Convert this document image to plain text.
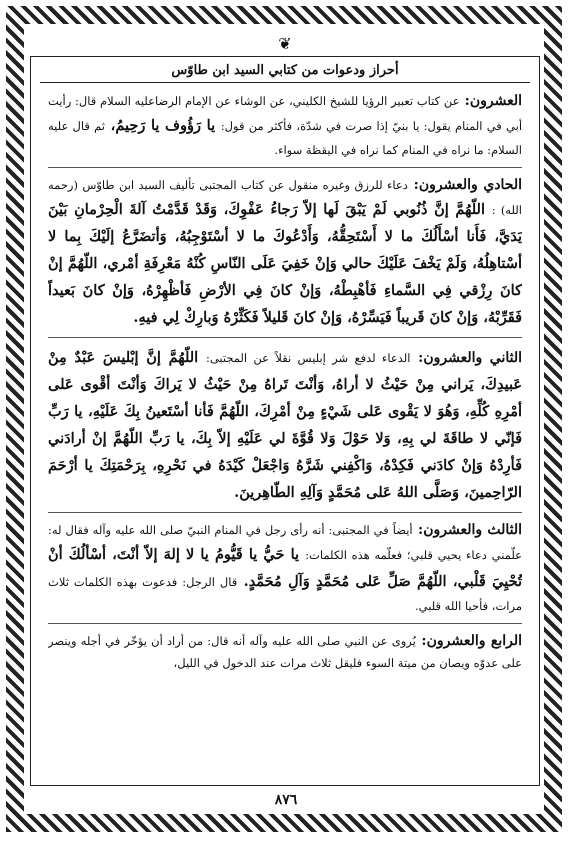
❦
أحراز ودعوات من كتابي السيد ابن طاوّس
العشرون: عن كتاب تعبير الرؤيا للشيخ الكليني، عن الوشاء عن الإمام الرضاعليه السلام قال: رأيت أبي في المنام يقول: يا بنيّ إذا صرت في شدّة، فأكثر من قول: يا رَؤُوف يا رَحِيمُ، ثم قال عليه السلام: ما نراه في المنام كما نراه في اليقظة سواء.
الحادي والعشرون: دعاء للرزق وغيره منقول عن كتاب المجتبى تأليف السيد ابن طاوّس (رحمه الله) : اللّهُمَّ إنَّ ذُنُوبي لَمْ يَبْقَ لَها إلاّ رَجاءُ عَفْوِكَ، وَقَدْ قَدَّمْتُ آلةَ الْحِرْمانِ بَيْنَ يَدَيَّ، فَأَنا أسْأَلُكَ ما لا أَسْتَحِقُّهُ، وَأَدْعُوكَ ما لا أسْتَوْجِبُهُ، وَأتضَرَّعُ إلَيْكَ بِما لا أسْتاهِلُهُ، وَلَمْ يَخْفَ عَلَيْكَ حالي وَإنْ خَفِيَ عَلَى النّاسِ كُنْهُ مَعْرِفَةِ أمْري، اللّهُمَّ إنْ كانَ رِزْقي فِي السَّماءِ فَأهْبِطْهُ، وَإنْ كانَ فِي الأرْضِ فَأظْهِرْهُ، وَإنْ كانَ بَعيداً فَقَرِّبْهُ، وَإنْ كانَ قَريباً فَيَسِّرْهُ، وَإنْ كانَ قَليلاً فَكَثِّرْهُ وَبارِكْ لِي فيهِ.
الثاني والعشرون: الدعاء لدفع شر إبليس نقلاً عن المجتبى: اللّهُمَّ إنَّ إبْليسَ عَبْدٌ مِنْ عَبيدِكَ، يَراني مِنْ حَيْثُ لا أراهُ، وَأنْتَ تَراهُ مِنْ حَيْثُ لا يَراكَ وَأنْتَ أقْوى عَلى أمْرِهِ كُلِّهِ، وَهُوَ لا يَقْوى عَلى شَيْءٍ مِنْ أمْرِكَ، اللّهُمَّ فَأنا أسْتَعينُ بِكَ عَلَيْهِ، يا رَبِّ فَإنّي لا طاقَةَ لي بِهِ، وَلا حَوْلَ وَلا قُوَّةَ لي عَلَيْهِ إلاّ بِكَ، يا رَبِّ اللّهُمَّ إنْ أرادَني فَأرِدْهُ وَإنْ كادَني فَكِدْهُ، وَاكْفِني شَرَّهُ وَاجْعَلْ كَيْدَهُ في نَحْرِهِ، بِرَحْمَتِكَ يا أرْحَمَ الرّاحِمينَ، وَصَلَّى اللهُ عَلى مُحَمَّدٍ وَآلِهِ الطّاهِرينَ.
الثالث والعشرون: أيضاً في المجتبى: أنه رأى رجل في المنام النبيّ صلى الله عليه وآله فقال له: علّمني دعاء يحيي قلبي؛ فعلّمه هذه الكلمات: يا حَيُّ يا قَيُّومُ يا لا إلهَ إلاّ أنْتَ، أسْألُكَ أنْ تُحْيِيَ قَلْبي، اللّهُمَّ صَلِّ عَلى مُحَمَّدٍ وَآلِ مُحَمَّدٍ. قال الرجل: فدعوت بهذه الكلمات ثلاث مرات، فأحيا الله قلبي.
الرابع والعشرون: يُروى عن النبي صلى الله عليه وآله أنه قال: من أراد أن يؤخّر في أجله وينصر على عدوّه ويصان من ميتة السوء فليقل ثلاث مرات عند الدخول في الليل،
٨٧٦
